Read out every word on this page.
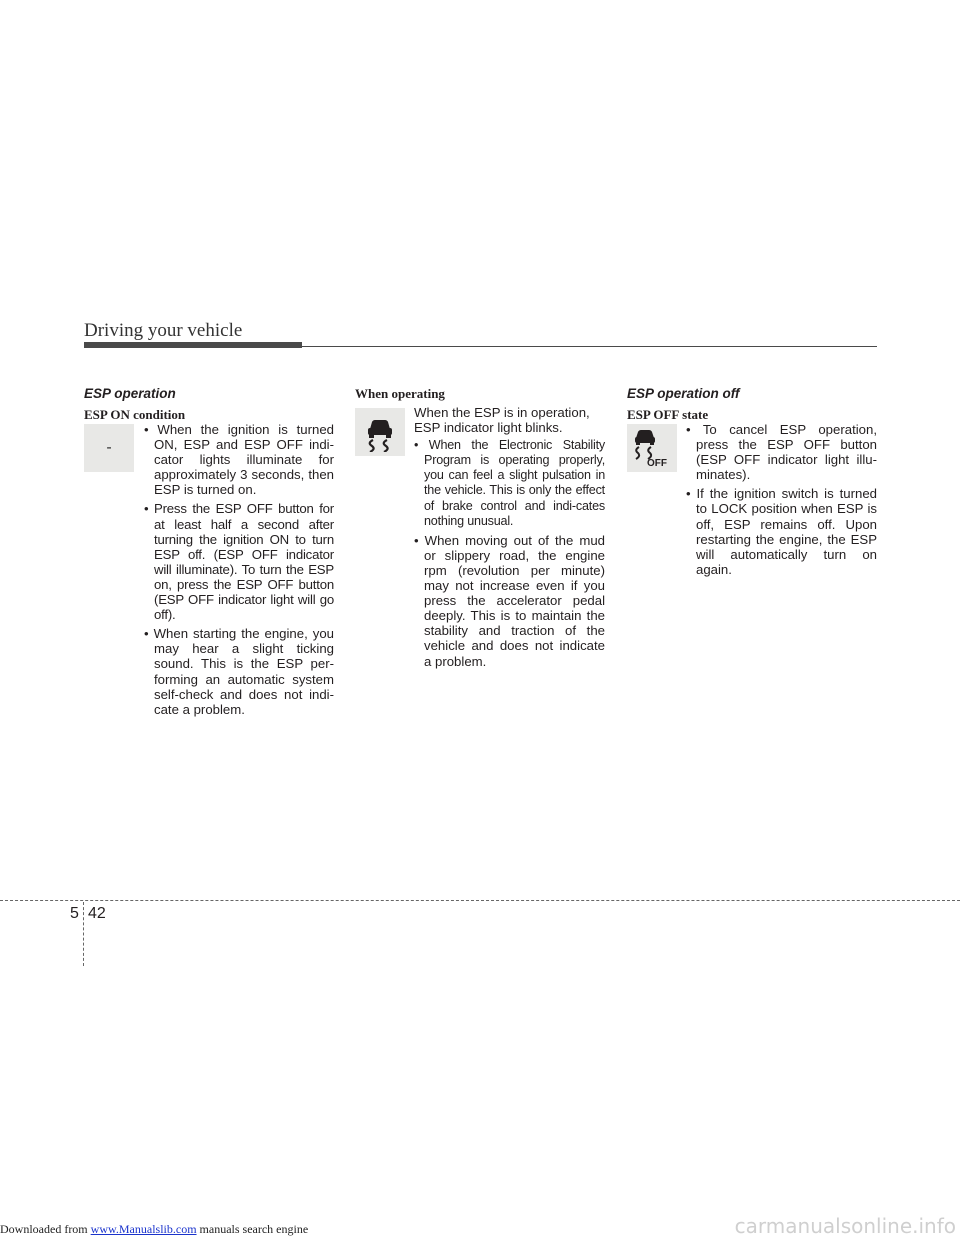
Driving your vehicle
ESP operation
ESP ON condition
-
• When the ignition is turned ON, ESP and ESP OFF indi-cator lights illuminate for approximately 3 seconds, then ESP is turned on.
• Press the ESP OFF button for at least half a second after turning the ignition ON to turn ESP off. (ESP OFF indicator will illuminate). To turn the ESP on, press the ESP OFF button (ESP OFF indicator light will go off).
• When starting the engine, you may hear a slight ticking sound. This is the ESP per-forming an automatic system self-check and does not indi-cate a problem.
When operating
When the ESP is in operation, ESP indicator light blinks.
• When the Electronic Stability Program is operating properly, you can feel a slight pulsation in the vehicle. This is only the effect of brake control and indi-cates nothing unusual.
• When moving out of the mud or slippery road, the engine rpm (revolution per minute) may not increase even if you press the accelerator pedal deeply. This is to maintain the stability and traction of the vehicle and does not indicate a problem.
ESP operation off
ESP OFF state
OFF
• To cancel ESP operation, press the ESP OFF button (ESP OFF indicator light illu-minates).
• If the ignition switch is turned to LOCK position when ESP is off, ESP remains off. Upon restarting the engine, the ESP will automatically turn on again.
5 42
Downloaded from www.Manualslib.com manuals search engine	carmanualsonline.info
